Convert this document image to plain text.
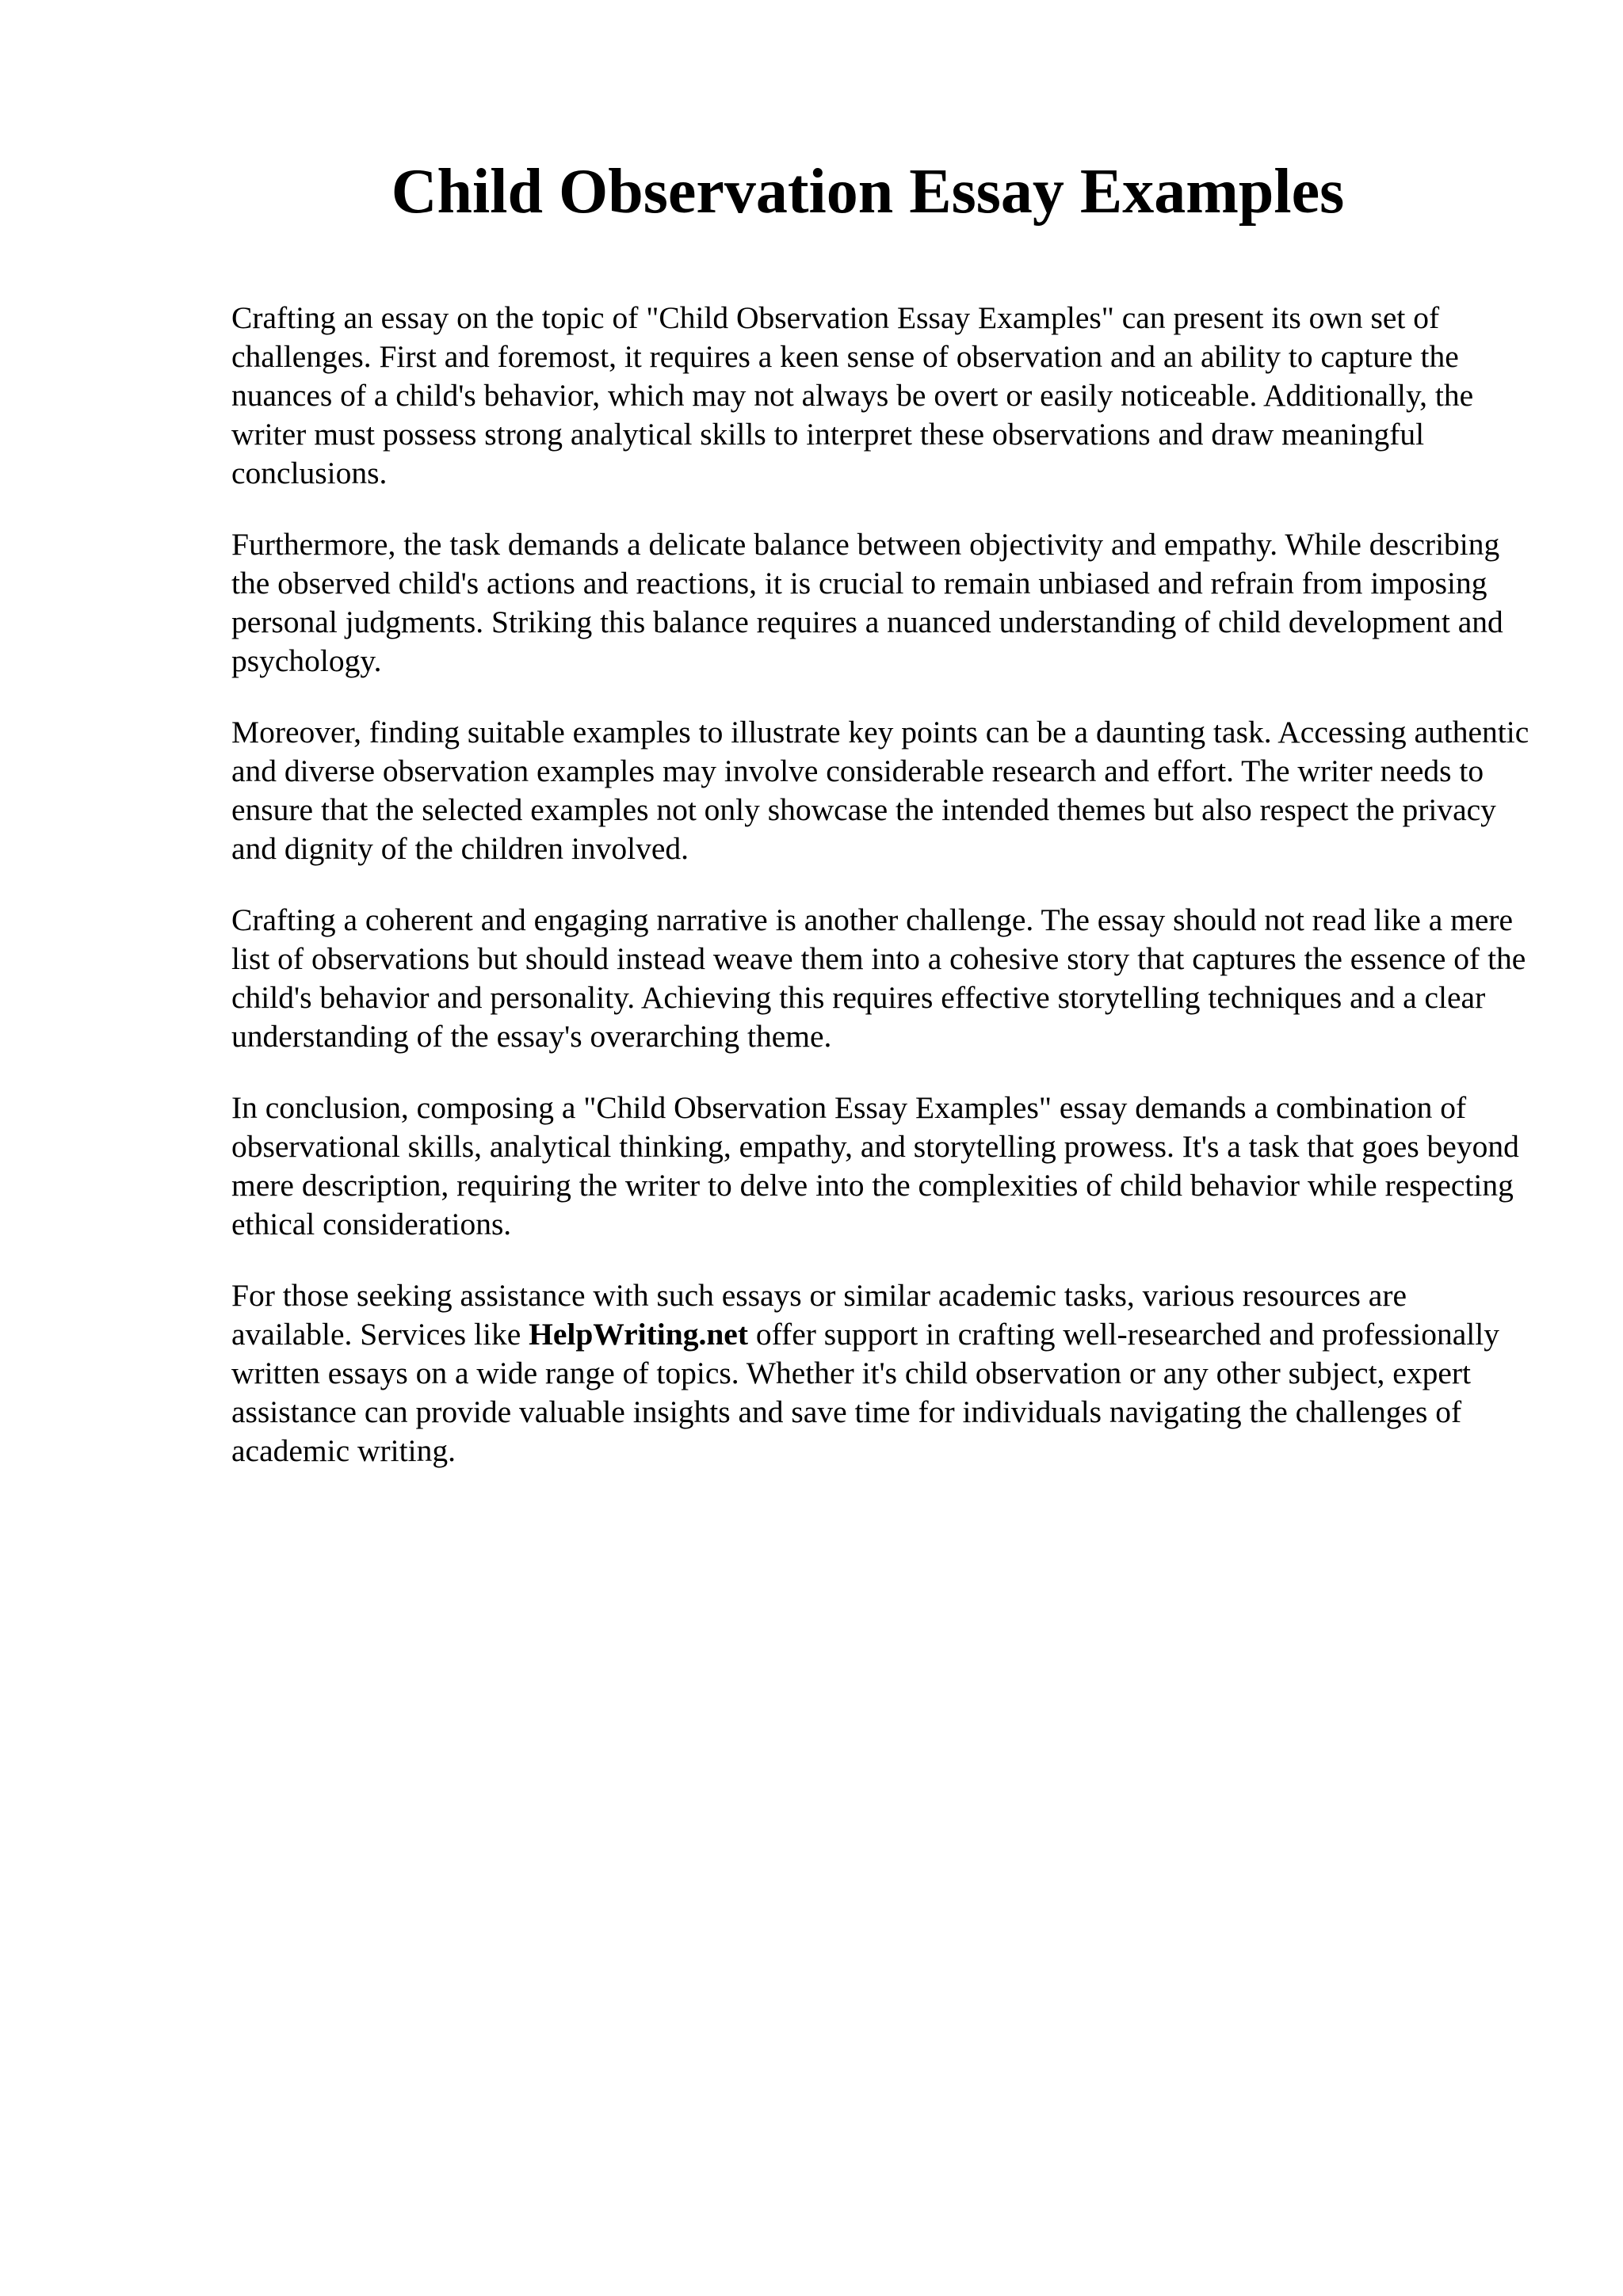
Child Observation Essay Examples

Crafting an essay on the topic of "Child Observation Essay Examples" can present its own set of challenges. First and foremost, it requires a keen sense of observation and an ability to capture the nuances of a child's behavior, which may not always be overt or easily noticeable. Additionally, the writer must possess strong analytical skills to interpret these observations and draw meaningful conclusions.

Furthermore, the task demands a delicate balance between objectivity and empathy. While describing the observed child's actions and reactions, it is crucial to remain unbiased and refrain from imposing personal judgments. Striking this balance requires a nuanced understanding of child development and psychology.

Moreover, finding suitable examples to illustrate key points can be a daunting task. Accessing authentic and diverse observation examples may involve considerable research and effort. The writer needs to ensure that the selected examples not only showcase the intended themes but also respect the privacy and dignity of the children involved.

Crafting a coherent and engaging narrative is another challenge. The essay should not read like a mere list of observations but should instead weave them into a cohesive story that captures the essence of the child's behavior and personality. Achieving this requires effective storytelling techniques and a clear understanding of the essay's overarching theme.

In conclusion, composing a "Child Observation Essay Examples" essay demands a combination of observational skills, analytical thinking, empathy, and storytelling prowess. It's a task that goes beyond mere description, requiring the writer to delve into the complexities of child behavior while respecting ethical considerations.

For those seeking assistance with such essays or similar academic tasks, various resources are available. Services like HelpWriting.net offer support in crafting well-researched and professionally written essays on a wide range of topics. Whether it's child observation or any other subject, expert assistance can provide valuable insights and save time for individuals navigating the challenges of academic writing.
